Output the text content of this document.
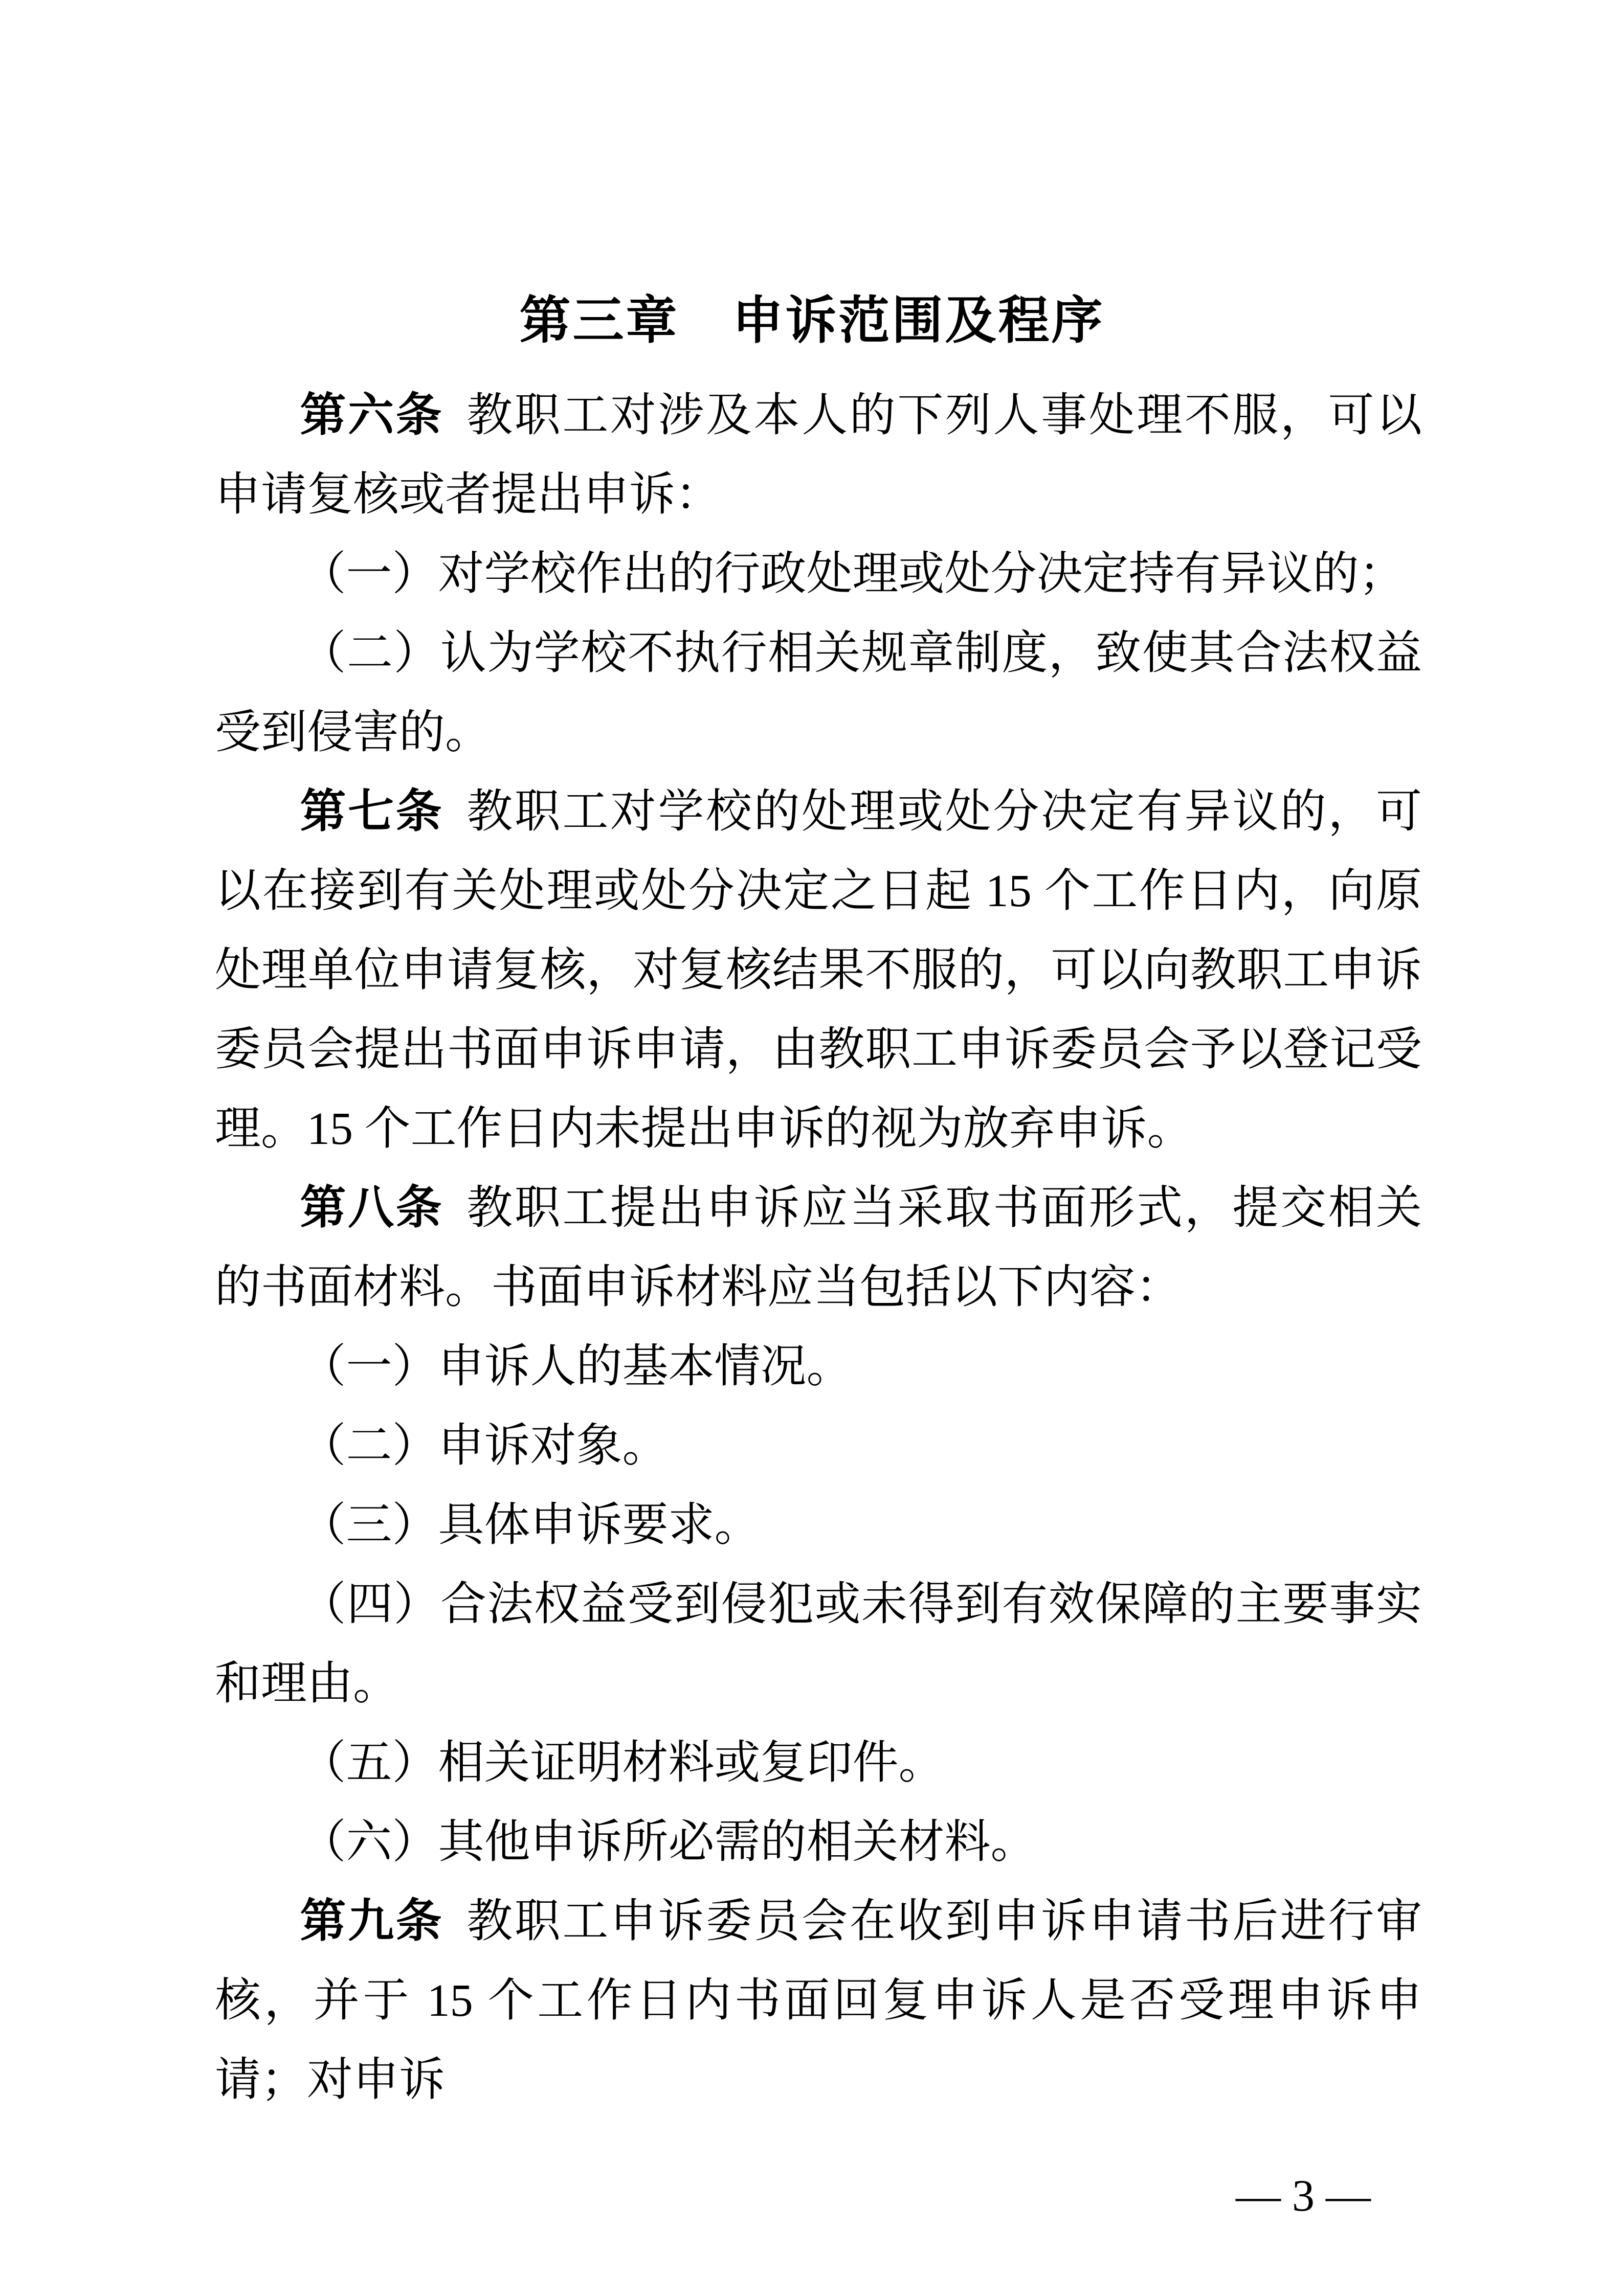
第三章　申诉范围及程序

第六条 教职工对涉及本人的下列人事处理不服，可以申请复核或者提出申诉：

（一）对学校作出的行政处理或处分决定持有异议的；

（二）认为学校不执行相关规章制度，致使其合法权益受到侵害的。

第七条 教职工对学校的处理或处分决定有异议的，可以在接到有关处理或处分决定之日起 15 个工作日内，向原处理单位申请复核，对复核结果不服的，可以向教职工申诉委员会提出书面申诉申请，由教职工申诉委员会予以登记受理。15 个工作日内未提出申诉的视为放弃申诉。

第八条 教职工提出申诉应当采取书面形式，提交相关的书面材料。书面申诉材料应当包括以下内容：

（一）申诉人的基本情况。

（二）申诉对象。

（三）具体申诉要求。

（四）合法权益受到侵犯或未得到有效保障的主要事实和理由。

（五）相关证明材料或复印件。

（六）其他申诉所必需的相关材料。

第九条 教职工申诉委员会在收到申诉申请书后进行审核，并于 15 个工作日内书面回复申诉人是否受理申诉申请；对申诉

— 3 —
